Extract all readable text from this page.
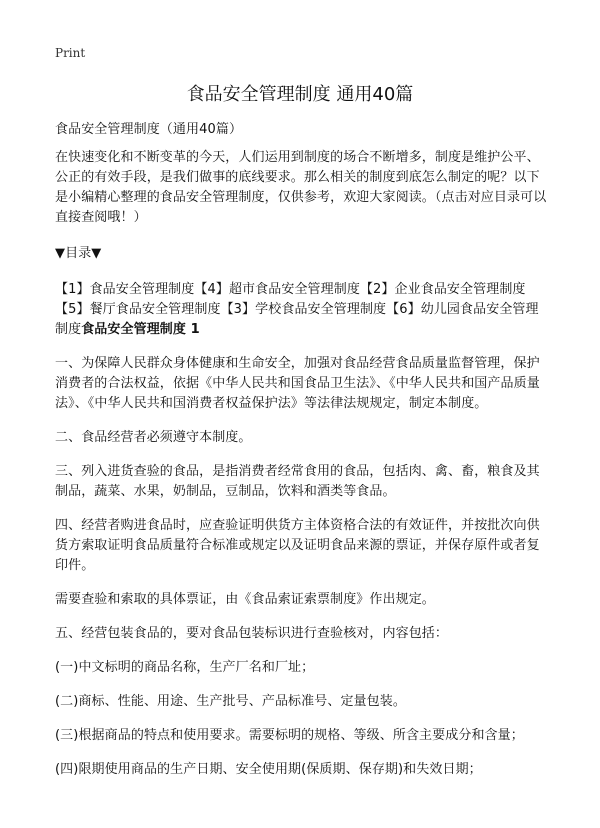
Print
食品安全管理制度 通用40篇

食品安全管理制度（通用40篇）

在快速变化和不断变革的今天，人们运用到制度的场合不断增多，制度是维护公平、公正的有效手段，是我们做事的底线要求。那么相关的制度到底怎么制定的呢？以下是小编精心整理的食品安全管理制度，仅供参考，欢迎大家阅读。（点击对应目录可以直接查阅哦！）

▼目录▼

【1】食品安全管理制度【4】超市食品安全管理制度【2】企业食品安全管理制度【5】餐厅食品安全管理制度【3】学校食品安全管理制度【6】幼儿园食品安全管理制度食品安全管理制度 1

一、为保障人民群众身体健康和生命安全，加强对食品经营食品质量监督管理，保护消费者的合法权益，依据《中华人民共和国食品卫生法》、《中华人民共和国产品质量法》、《中华人民共和国消费者权益保护法》等法律法规规定，制定本制度。

二、食品经营者必须遵守本制度。

三、列入进货查验的食品，是指消费者经常食用的食品，包括肉、禽、畜，粮食及其制品，蔬菜、水果，奶制品，豆制品，饮料和酒类等食品。

四、经营者购进食品时，应查验证明供货方主体资格合法的有效证件，并按批次向供货方索取证明食品质量符合标准或规定以及证明食品来源的票证，并保存原件或者复印件。

需要查验和索取的具体票证，由《食品索证索票制度》作出规定。

五、经营包装食品的，要对食品包装标识进行查验核对，内容包括：

(一)中文标明的商品名称，生产厂名和厂址；

(二)商标、性能、用途、生产批号、产品标准号、定量包装。

(三)根据商品的特点和使用要求。需要标明的规格、等级、所含主要成分和含量；

(四)限期使用商品的生产日期、安全使用期(保质期、保存期)和失效日期；
